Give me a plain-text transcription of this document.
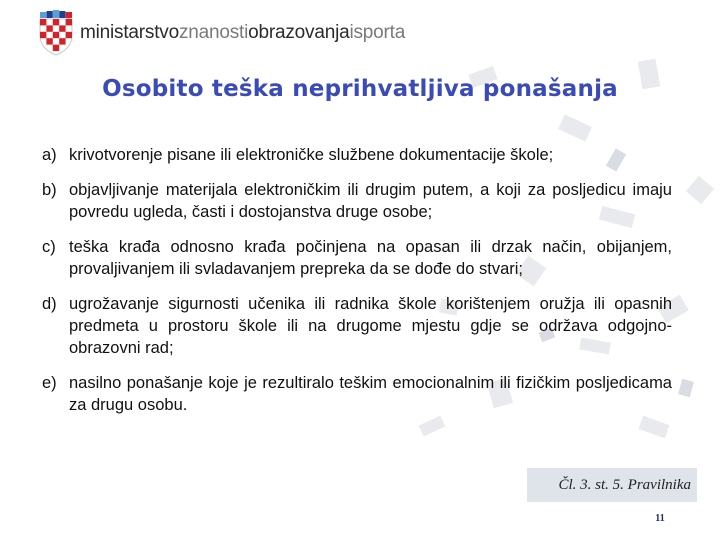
ministarstvoznanostiobrazovanjaisporta
Osobito teška neprihvatljiva ponašanja
a) krivotvorenje pisane ili elektroničke službene dokumentacije škole;
b) objavljivanje materijala elektroničkim ili drugim putem, a koji za posljedicu imaju povredu ugleda, časti i dostojanstva druge osobe;
c) teška krađa odnosno krađa počinjena na opasan ili drzak način, obijanjem, provaljivanjem ili svladavanjem prepreka da se dođe do stvari;
d) ugrožavanje sigurnosti učenika ili radnika škole korištenjem oružja ili opasnih predmeta u prostoru škole ili na drugome mjestu gdje se održava odgojno-obrazovni rad;
e) nasilno ponašanje koje je rezultiralo teškim emocionalnim ili fizičkim posljedicama za drugu osobu.
Čl. 3. st. 5. Pravilnika
11
